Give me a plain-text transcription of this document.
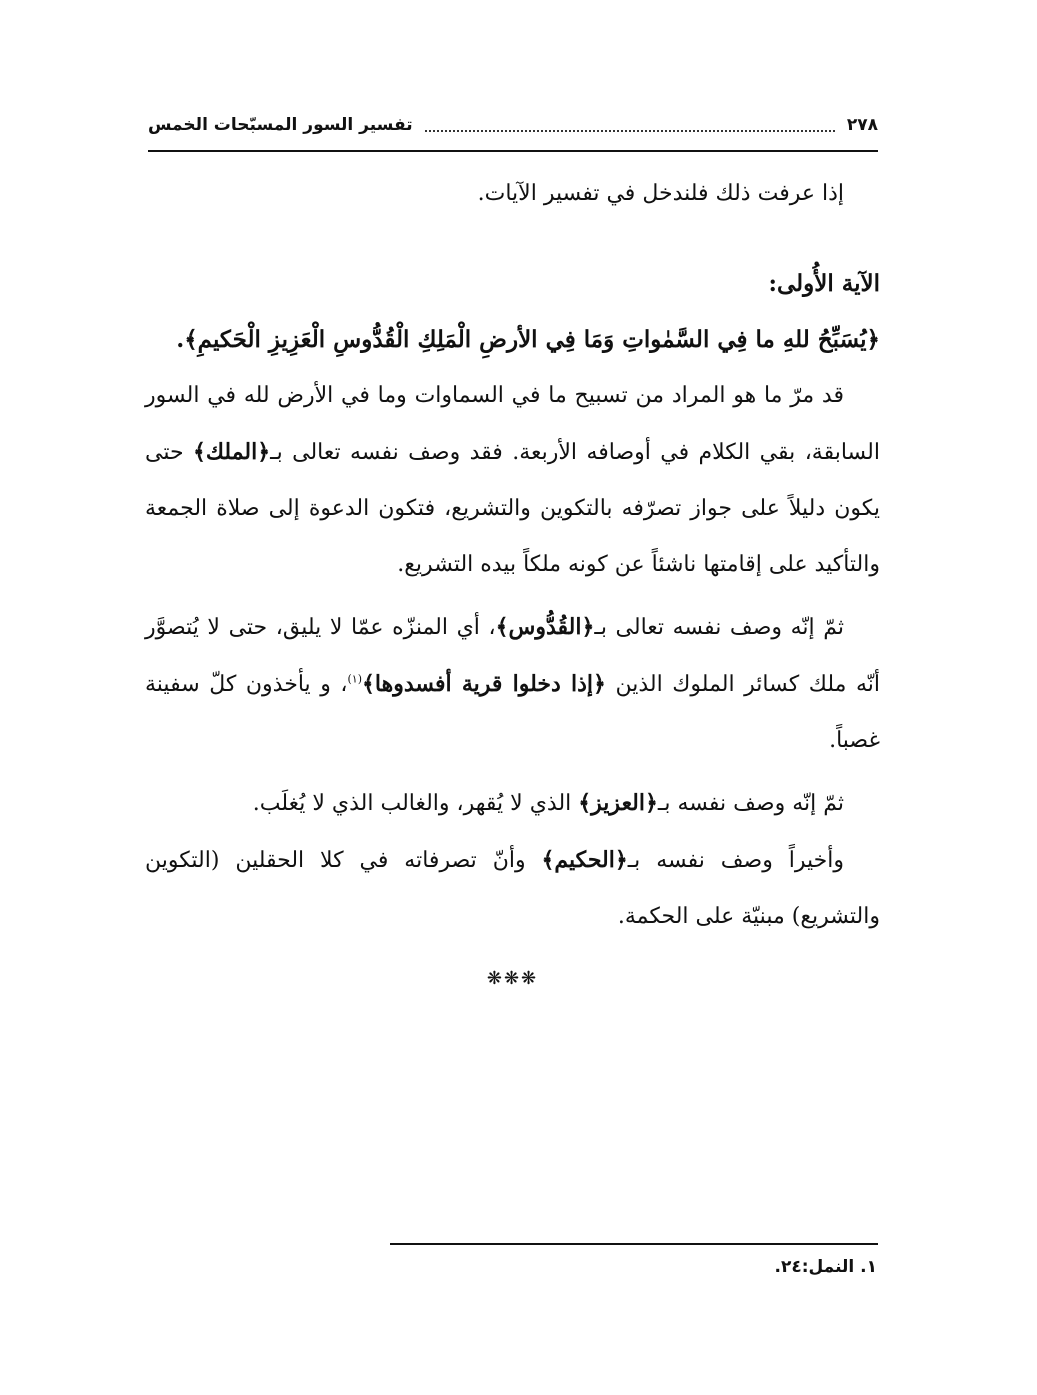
٢٧٨
تفسير السور المسبّحات الخمس

إذا عرفت ذلك فلندخل في تفسير الآيات.

الآية الأُولى:

﴿يُسَبِّحُ للهِ ما فِي السَّمٰواتِ وَمَا فِي الأرضِ الْمَلِكِ الْقُدُّوسِ الْعَزِيزِ الْحَكيمِ﴾.

قد مرّ ما هو المراد من تسبيح ما في السماوات وما في الأرض لله في السور السابقة، بقي الكلام في أوصافه الأربعة. فقد وصف نفسه تعالى بـ﴿الملك﴾ حتى يكون دليلاً على جواز تصرّفه بالتكوين والتشريع، فتكون الدعوة إلى صلاة الجمعة والتأكيد على إقامتها ناشئاً عن كونه ملكاً بيده التشريع.

ثمّ إنّه وصف نفسه تعالى بـ﴿القُدُّوس﴾، أي المنزّه عمّا لا يليق، حتى لا يُتصوَّر أنّه ملك كسائر الملوك الذين ﴿إذا دخلوا قرية أفسدوها﴾$^{(١)}$، و يأخذون كلّ سفينة غصباً.

ثمّ إنّه وصف نفسه بـ﴿العزيز﴾ الذي لا يُقهر، والغالب الذي لا يُغلَب.

وأخيراً وصف نفسه بـ﴿الحكيم﴾ وأنّ تصرفاته في كلا الحقلين (التكوين والتشريع) مبنيّة على الحكمة.

❋❋❋

١. النمل:٢٤.
